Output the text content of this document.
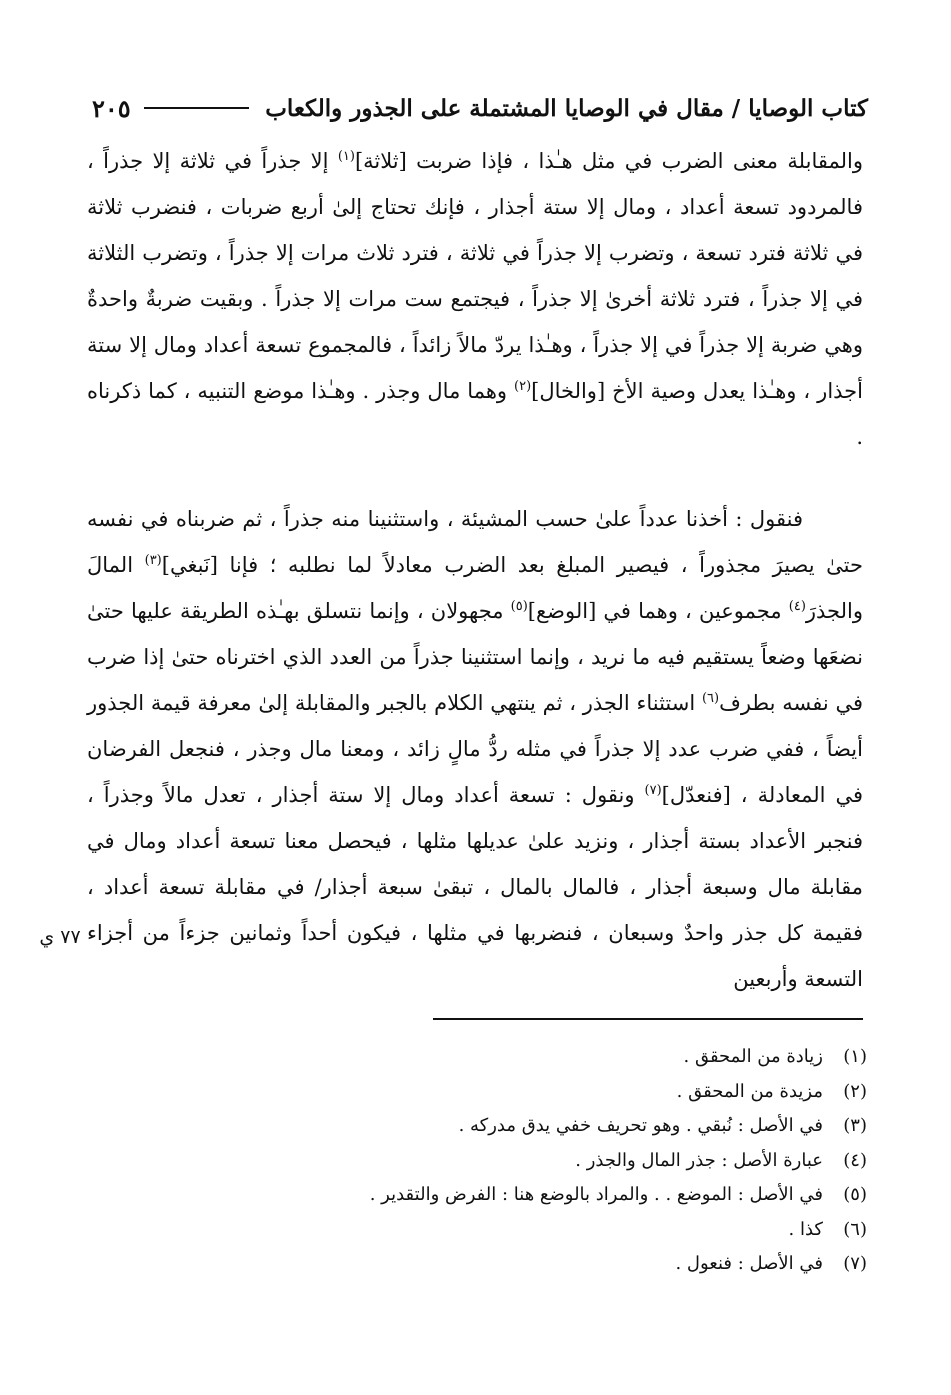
كتاب الوصايا / مقال في الوصايا المشتملة على الجذور والكعاب
٢٠٥

والمقابلة معنى الضرب في مثل هـٰذا ، فإذا ضربت [ثلاثة]$^{(١)}$ إلا جذراً في ثلاثة إلا جذراً ، فالمردود تسعة أعداد ، ومال إلا ستة أجذار ، فإنك تحتاج إلىٰ أربع ضربات ، فنضرب ثلاثة في ثلاثة فترد تسعة ، وتضرب إلا جذراً في ثلاثة ، فترد ثلاث مرات إلا جذراً ، وتضرب الثلاثة في إلا جذراً ، فترد ثلاثة أخرىٰ إلا جذراً ، فيجتمع ست مرات إلا جذراً . وبقيت ضربةٌ واحدةٌ وهي ضربة إلا جذراً في إلا جذراً ، وهـٰذا يردّ مالاً زائداً ، فالمجموع تسعة أعداد ومال إلا ستة أجذار ، وهـٰذا يعدل وصية الأخ [والخال]$^{(٢)}$ وهما مال وجذر . وهـٰذا موضع التنبيه ، كما ذكرناه .

فنقول : أخذنا عدداً علىٰ حسب المشيئة ، واستثنينا منه جذراً ، ثم ضربناه في نفسه حتىٰ يصيرَ مجذوراً ، فيصير المبلغ بعد الضرب معادلاً لما نطلبه ؛ فإنا [نَبغي]$^{(٣)}$ المالَ والجذرَ$^{(٤)}$ مجموعين ، وهما في [الوضع]$^{(٥)}$ مجهولان ، وإنما نتسلق بهـٰذه الطريقة عليها حتىٰ نضعَها وضعاً يستقيم فيه ما نريد ، وإنما استثنينا جذراً من العدد الذي اخترناه حتىٰ إذا ضرب في نفسه بطرف$^{(٦)}$ استثناء الجذر ، ثم ينتهي الكلام بالجبر والمقابلة إلىٰ معرفة قيمة الجذور أيضاً ، ففي ضرب عدد إلا جذراً في مثله ردُّ مالٍ زائد ، ومعنا مال وجذر ، فنجعل الفرضان في المعادلة ، [فنعدّل]$^{(٧)}$ ونقول : تسعة أعداد ومال إلا ستة أجذار ، تعدل مالاً وجذراً ، فنجبر الأعداد بستة أجذار ، ونزيد علىٰ عديلها مثلها ، فيحصل معنا تسعة أعداد ومال في مقابلة مال وسبعة أجذار ، فالمال بالمال ، تبقىٰ سبعة أجذار/ في مقابلة تسعة أعداد ، فقيمة كل جذر واحدٌ وسبعان ، فنضربها في مثلها ، فيكون أحداً وثمانين جزءاً من أجزاء التسعة وأربعين

٧٧ ي
(١)
زيادة من المحقق .
(٢)
مزيدة من المحقق .
(٣)
في الأصل : نُبقي . وهو تحريف خفي يدق مدركه .
(٤)
عبارة الأصل : جذر المال والجذر .
(٥)
في الأصل : الموضع . . والمراد بالوضع هنا : الفرض والتقدير .
(٦)
كذا .
(٧)
في الأصل : فنعول .
